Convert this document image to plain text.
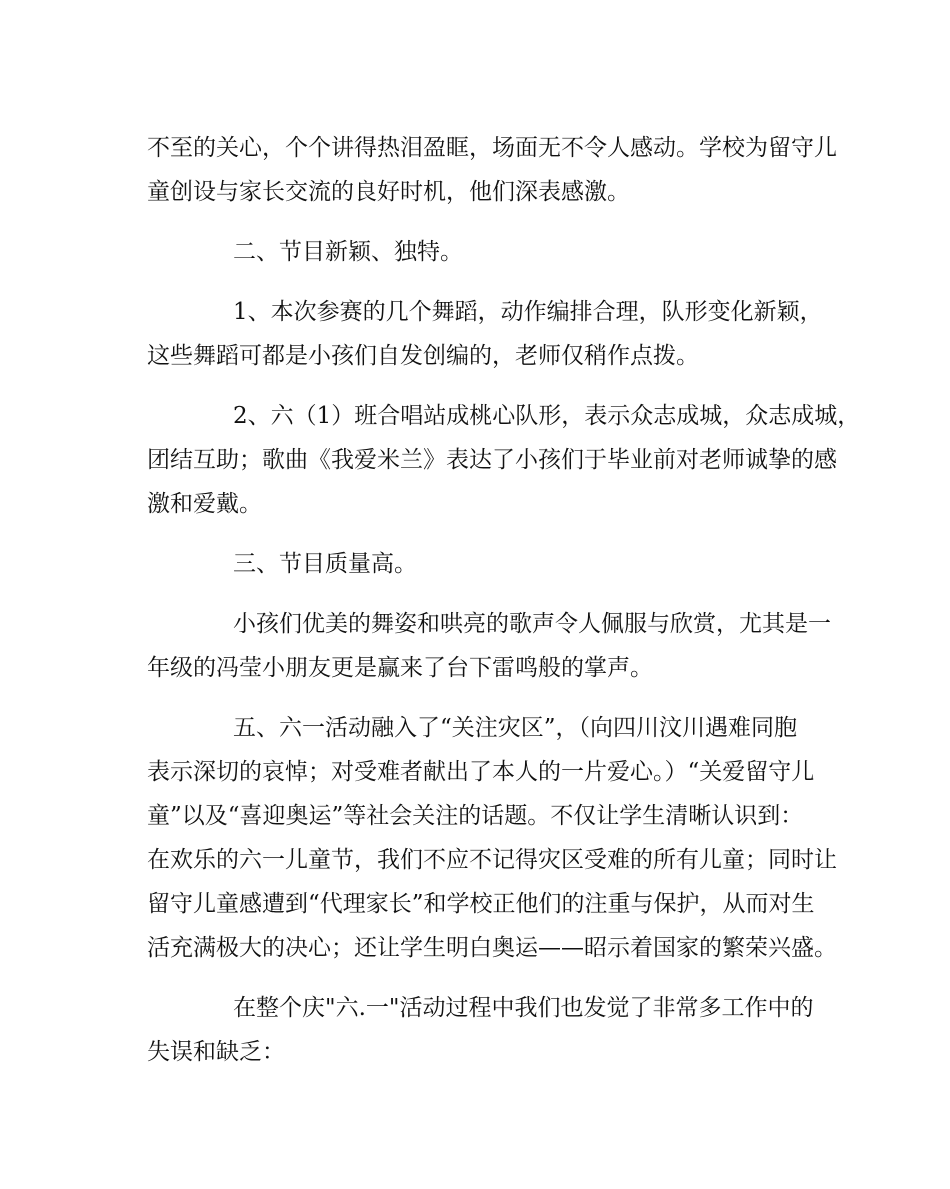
不至的关心，个个讲得热泪盈眶，场面无不令人感动。学校为留守儿
童创设与家长交流的良好时机，他们深表感激。
二、节目新颖、独特。
1、本次参赛的几个舞蹈，动作编排合理，队形变化新颖，
这些舞蹈可都是小孩们自发创编的，老师仅稍作点拨。
2、六（1）班合唱站成桃心队形，表示众志成城，众志成城，
团结互助；歌曲《我爱米兰》表达了小孩们于毕业前对老师诚挚的感
激和爱戴。
三、节目质量高。
小孩们优美的舞姿和哄亮的歌声令人佩服与欣赏，尤其是一
年级的冯莹小朋友更是赢来了台下雷鸣般的掌声。
五、六一活动融入了“关注灾区”，（向四川汶川遇难同胞
表示深切的哀悼；对受难者献出了本人的一片爱心。）“关爱留守儿
童”以及“喜迎奥运”等社会关注的话题。不仅让学生清晰认识到：
在欢乐的六一儿童节，我们不应不记得灾区受难的所有儿童；同时让
留守儿童感遭到“代理家长”和学校正他们的注重与保护，从而对生
活充满极大的决心；还让学生明白奥运——昭示着国家的繁荣兴盛。
在整个庆"六.一"活动过程中我们也发觉了非常多工作中的
失误和缺乏：
